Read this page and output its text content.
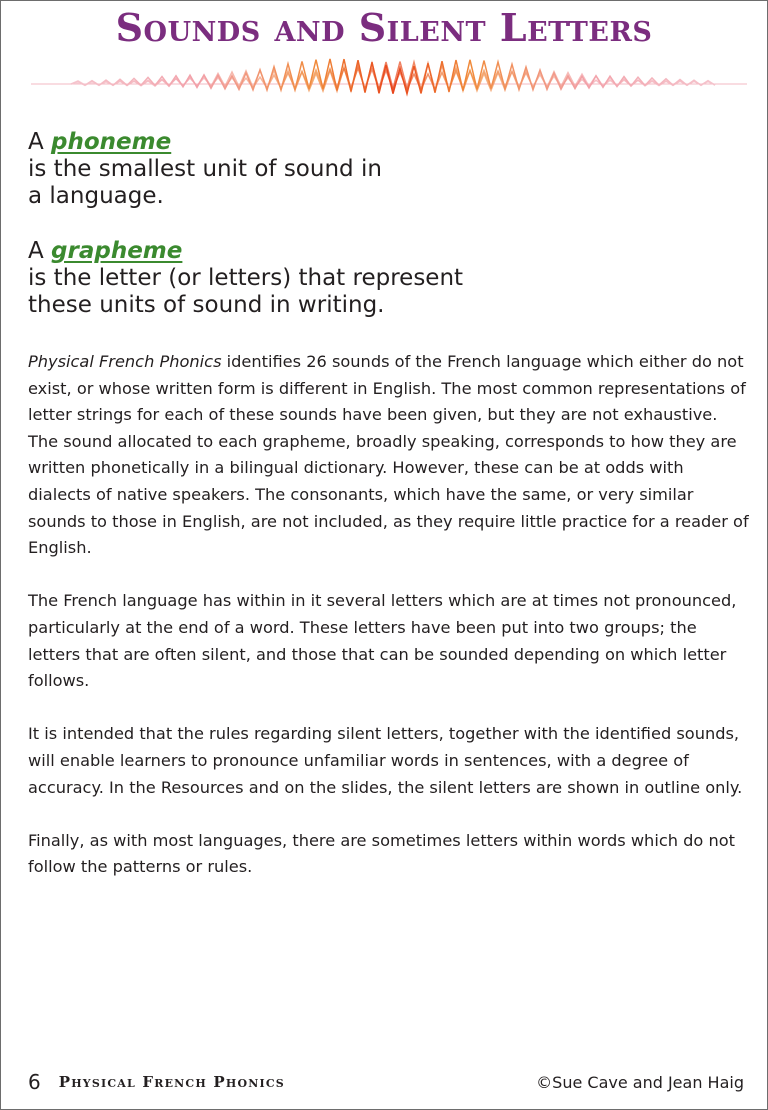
Sounds and Silent Letters
A phoneme
is the smallest unit of sound in
a language.
A grapheme
is the letter (or letters) that represent
these units of sound in writing.

Physical French Phonics identifies 26 sounds of the French language which either do not exist, or whose written form is different in English. The most common representations of letter strings for each of these sounds have been given, but they are not exhaustive. The sound allocated to each grapheme, broadly speaking, corresponds to how they are written phonetically in a bilingual dictionary. However, these can be at odds with dialects of native speakers. The consonants, which have the same, or very similar sounds to those in English, are not included, as they require little practice for a reader of English.

The French language has within in it several letters which are at times not pronounced, particularly at the end of a word. These letters have been put into two groups; the letters that are often silent, and those that can be sounded depending on which letter follows.

It is intended that the rules regarding silent letters, together with the identified sounds, will enable learners to pronounce unfamiliar words in sentences, with a degree of accuracy. In the Resources and on the slides, the silent letters are shown in outline only.

Finally, as with most languages, there are sometimes letters within words which do not follow the patterns or rules.

6 Physical French Phonics	©Sue Cave and Jean Haig
